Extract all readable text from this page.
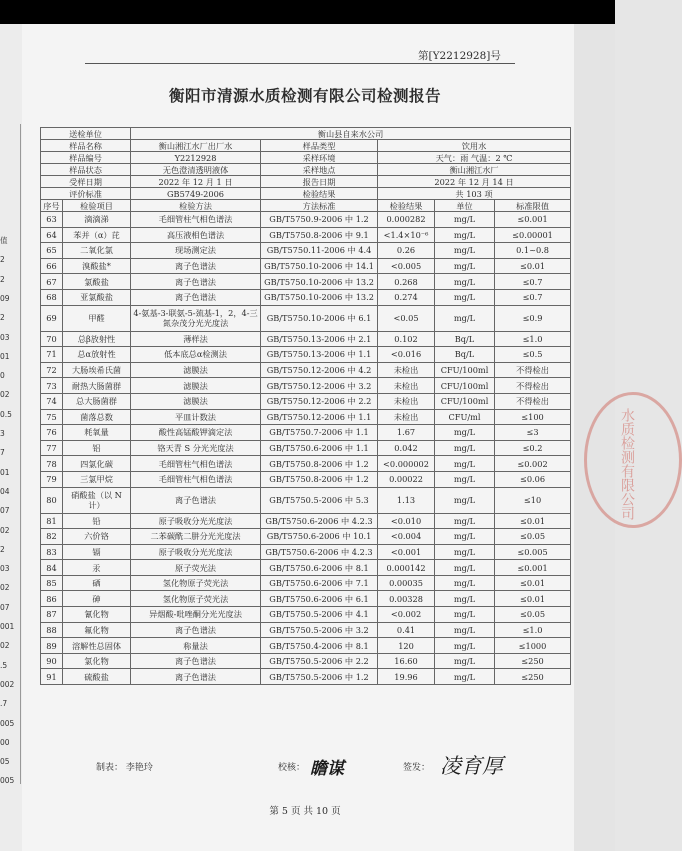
值
2
2
09
2
03
01
0
02
0.5
3
7
01
04
07
02
2
03
02
07
001
02
.5
002
.7
005
00
05
005
水质检测有限公司
第[Y2212928]号
衡阳市清源水质检测有限公司检测报告
送检单位		衡山县自来水公司				
样品名称		衡山湘江水厂出厂水	样品类型	饮用水		
样品编号		Y2212928	采样环境	天气：雨 气温：2 ℃		
样品状态		无色澄清透明液体	采样地点	衡山湘江水厂		
受样日期		2022 年 12 月 1 日	报告日期	2022 年 12 月 14 日		
评价标准		GB5749-2006	检验结果	共 103 项		
序号	检验项目	检验方法	方法标准	检验结果	单位	标准限值
63	滴滴涕	毛细管柱气相色谱法	GB/T5750.9-2006 中 1.2	0.000282	mg/L	≤0.001
64	苯并（α）芘	高压液相色谱法	GB/T5750.8-2006 中 9.1	<1.4×10⁻⁶	mg/L	≤0.00001
65	二氧化氯	现场测定法	GB/T5750.11-2006 中 4.4	0.26	mg/L	0.1~0.8
66	溴酸盐*	离子色谱法	GB/T5750.10-2006 中 14.1	<0.005	mg/L	≤0.01
67	氯酸盐	离子色谱法	GB/T5750.10-2006 中 13.2	0.268	mg/L	≤0.7
68	亚氯酸盐	离子色谱法	GB/T5750.10-2006 中 13.2	0.274	mg/L	≤0.7
69	甲醛	4-氨基-3-联氨-5-巯基-1，2，4-三氮杂茂分光光度法	GB/T5750.10-2006 中 6.1	<0.05	mg/L	≤0.9
70	总β放射性	薄样法	GB/T5750.13-2006 中 2.1	0.102	Bq/L	≤1.0
71	总α放射性	低本底总α检测法	GB/T5750.13-2006 中 1.1	<0.016	Bq/L	≤0.5
72	大肠埃希氏菌	滤膜法	GB/T5750.12-2006 中 4.2	未检出	CFU/100ml	不得检出
73	耐热大肠菌群	滤膜法	GB/T5750.12-2006 中 3.2	未检出	CFU/100ml	不得检出
74	总大肠菌群	滤膜法	GB/T5750.12-2006 中 2.2	未检出	CFU/100ml	不得检出
75	菌落总数	平皿计数法	GB/T5750.12-2006 中 1.1	未检出	CFU/ml	≤100
76	耗氧量	酸性高锰酸钾滴定法	GB/T5750.7-2006 中 1.1	1.67	mg/L	≤3
77	铝	铬天青 S 分光光度法	GB/T5750.6-2006 中 1.1	0.042	mg/L	≤0.2
78	四氯化碳	毛细管柱气相色谱法	GB/T5750.8-2006 中 1.2	<0.000002	mg/L	≤0.002
79	三氯甲烷	毛细管柱气相色谱法	GB/T5750.8-2006 中 1.2	0.00022	mg/L	≤0.06
80	硝酸盐（以 N 计）	离子色谱法	GB/T5750.5-2006 中 5.3	1.13	mg/L	≤10
81	铅	原子吸收分光光度法	GB/T5750.6-2006 中 4.2.3	<0.010	mg/L	≤0.01
82	六价铬	二苯碳酰二肼分光光度法	GB/T5750.6-2006 中 10.1	<0.004	mg/L	≤0.05
83	镉	原子吸收分光光度法	GB/T5750.6-2006 中 4.2.3	<0.001	mg/L	≤0.005
84	汞	原子荧光法	GB/T5750.6-2006 中 8.1	0.000142	mg/L	≤0.001
85	硒	氢化物原子荧光法	GB/T5750.6-2006 中 7.1	0.00035	mg/L	≤0.01
86	砷	氢化物原子荧光法	GB/T5750.6-2006 中 6.1	0.00328	mg/L	≤0.01
87	氰化物	异烟酸-吡唑酮分光光度法	GB/T5750.5-2006 中 4.1	<0.002	mg/L	≤0.05
88	氟化物	离子色谱法	GB/T5750.5-2006 中 3.2	0.41	mg/L	≤1.0
89	溶解性总固体	称量法	GB/T5750.4-2006 中 8.1	120	mg/L	≤1000
90	氯化物	离子色谱法	GB/T5750.5-2006 中 2.2	16.60	mg/L	≤250
91	硫酸盐	离子色谱法	GB/T5750.5-2006 中 1.2	19.96	mg/L	≤250
制表： 李艳玲	校核： 瞻谋	签发： 凌育厚
第 5 页 共 10 页
